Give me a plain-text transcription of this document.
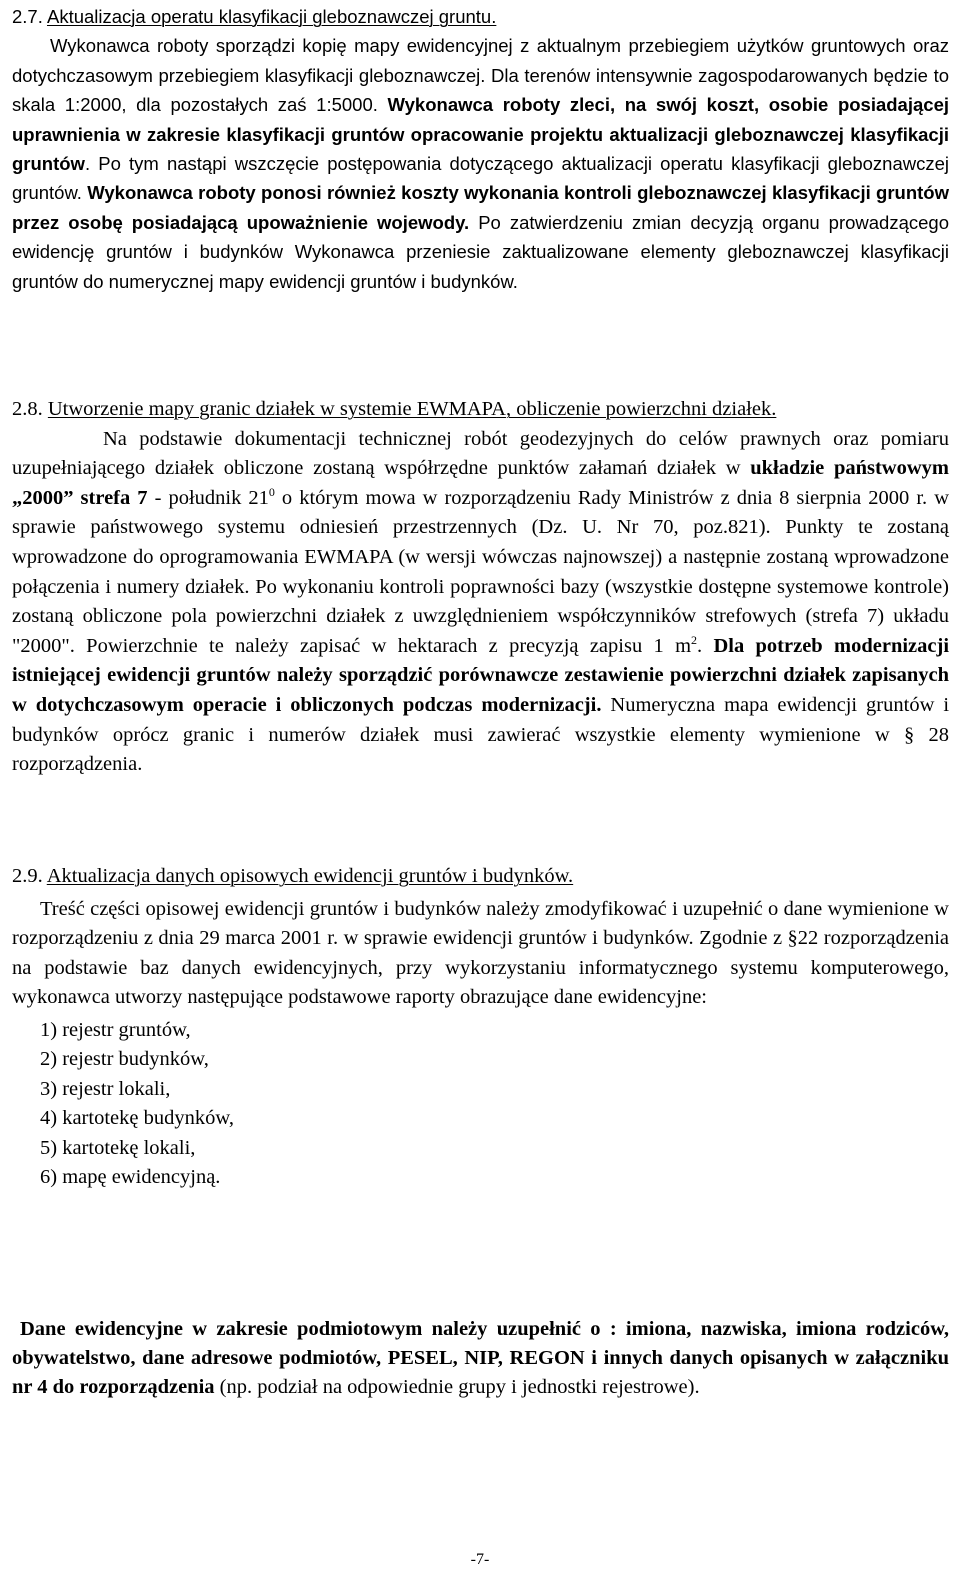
2.7. Aktualizacja operatu klasyfikacji gleboznawczej gruntu.

Wykonawca roboty sporządzi kopię mapy ewidencyjnej z aktualnym przebiegiem użytków gruntowych oraz dotychczasowym przebiegiem klasyfikacji gleboznawczej. Dla terenów intensywnie zagospodarowanych będzie to skala 1:2000, dla pozostałych zaś 1:5000. Wykonawca roboty zleci, na swój koszt, osobie posiadającej uprawnienia w zakresie klasyfikacji gruntów opracowanie projektu aktualizacji gleboznawczej klasyfikacji gruntów. Po tym nastąpi wszczęcie postępowania dotyczącego aktualizacji operatu klasyfikacji gleboznawczej gruntów. Wykonawca roboty ponosi również koszty wykonania kontroli gleboznawczej klasyfikacji gruntów przez osobę posiadającą upoważnienie wojewody. Po zatwierdzeniu zmian decyzją organu prowadzącego ewidencję gruntów i budynków Wykonawca przeniesie zaktualizowane elementy gleboznawczej klasyfikacji gruntów do numerycznej mapy ewidencji gruntów i budynków.

2.8. Utworzenie mapy granic działek w systemie EWMAPA, obliczenie powierzchni działek.

Na podstawie dokumentacji technicznej robót geodezyjnych do celów prawnych oraz pomiaru uzupełniającego działek obliczone zostaną współrzędne punktów załamań działek w układzie państwowym „2000” strefa 7 - południk $21^0$ o którym mowa w rozporządzeniu Rady Ministrów z dnia 8 sierpnia 2000 r. w sprawie państwowego systemu odniesień przestrzennych (Dz. U. Nr 70, poz.821). Punkty te zostaną wprowadzone do oprogramowania EWMAPA (w wersji wówczas najnowszej) a następnie zostaną wprowadzone połączenia i numery działek. Po wykonaniu kontroli poprawności bazy (wszystkie dostępne systemowe kontrole) zostaną obliczone pola powierzchni działek z uwzględnieniem współczynników strefowych (strefa 7) układu "2000". Powierzchnie te należy zapisać w hektarach z precyzją zapisu 1 $m^2$. Dla potrzeb modernizacji istniejącej ewidencji gruntów należy sporządzić porównawcze zestawienie powierzchni działek zapisanych w dotychczasowym operacie i obliczonych podczas modernizacji. Numeryczna mapa ewidencji gruntów i budynków oprócz granic i numerów działek musi zawierać wszystkie elementy wymienione w § 28 rozporządzenia.

2.9. Aktualizacja danych opisowych ewidencji gruntów i budynków.

Treść części opisowej ewidencji gruntów i budynków należy zmodyfikować i uzupełnić o dane wymienione w rozporządzeniu z dnia 29 marca 2001 r. w sprawie ewidencji gruntów i budynków. Zgodnie z §22 rozporządzenia na podstawie baz danych ewidencyjnych, przy wykorzystaniu informatycznego systemu komputerowego, wykonawca utworzy następujące podstawowe raporty obrazujące dane ewidencyjne:

1) rejestr gruntów,
2) rejestr budynków,
3) rejestr lokali,
4) kartotekę budynków,
5) kartotekę lokali,
6) mapę ewidencyjną.

Dane ewidencyjne w zakresie podmiotowym należy uzupełnić o : imiona, nazwiska, imiona rodziców, obywatelstwo, dane adresowe podmiotów, PESEL, NIP, REGON i innych danych opisanych w załączniku nr 4 do rozporządzenia (np. podział na odpowiednie grupy i jednostki rejestrowe).

-7-
